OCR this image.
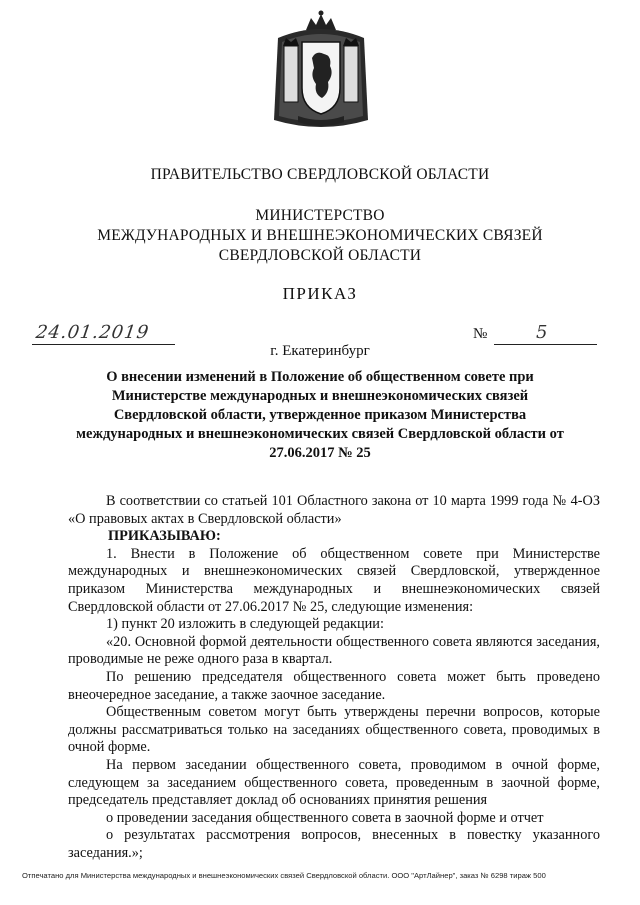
ПРАВИТЕЛЬСТВО СВЕРДЛОВСКОЙ ОБЛАСТИ
МИНИСТЕРСТВО
МЕЖДУНАРОДНЫХ И ВНЕШНЕЭКОНОМИЧЕСКИХ СВЯЗЕЙ
СВЕРДЛОВСКОЙ ОБЛАСТИ
ПРИКАЗ
24.01.2019	№	5
г. Екатеринбург
О внесении изменений в Положение об общественном совете при Министерстве международных и внешнеэкономических связей Свердловской области, утвержденное приказом Министерства международных и внешнеэкономических связей Свердловской области от 27.06.2017 № 25

В соответствии со статьей 101 Областного закона от 10 марта 1999 года № 4-ОЗ «О правовых актах в Свердловской области»

ПРИКАЗЫВАЮ:

1. Внести в Положение об общественном совете при Министерстве международных и внешнеэкономических связей Свердловской, утвержденное приказом Министерства международных и внешнеэкономических связей Свердловской области от 27.06.2017 № 25, следующие изменения:

1) пункт 20 изложить в следующей редакции:

«20. Основной формой деятельности общественного совета являются заседания, проводимые не реже одного раза в квартал.

По решению председателя общественного совета может быть проведено внеочередное заседание, а также заочное заседание.

Общественным советом могут быть утверждены перечни вопросов, которые должны рассматриваться только на заседаниях общественного совета, проводимых в очной форме.

На первом заседании общественного совета, проводимом в очной форме, следующем за заседанием общественного совета, проведенным в заочной форме, председатель представляет доклад об основаниях принятия решения

о проведении заседания общественного совета в заочной форме и отчет

о результатах рассмотрения вопросов, внесенных в повестку указанного заседания.»;

Отпечатано для Министерства международных и внешнеэкономических связей Свердловской области. ООО "АртЛайнер", заказ № 6298 тираж 500
